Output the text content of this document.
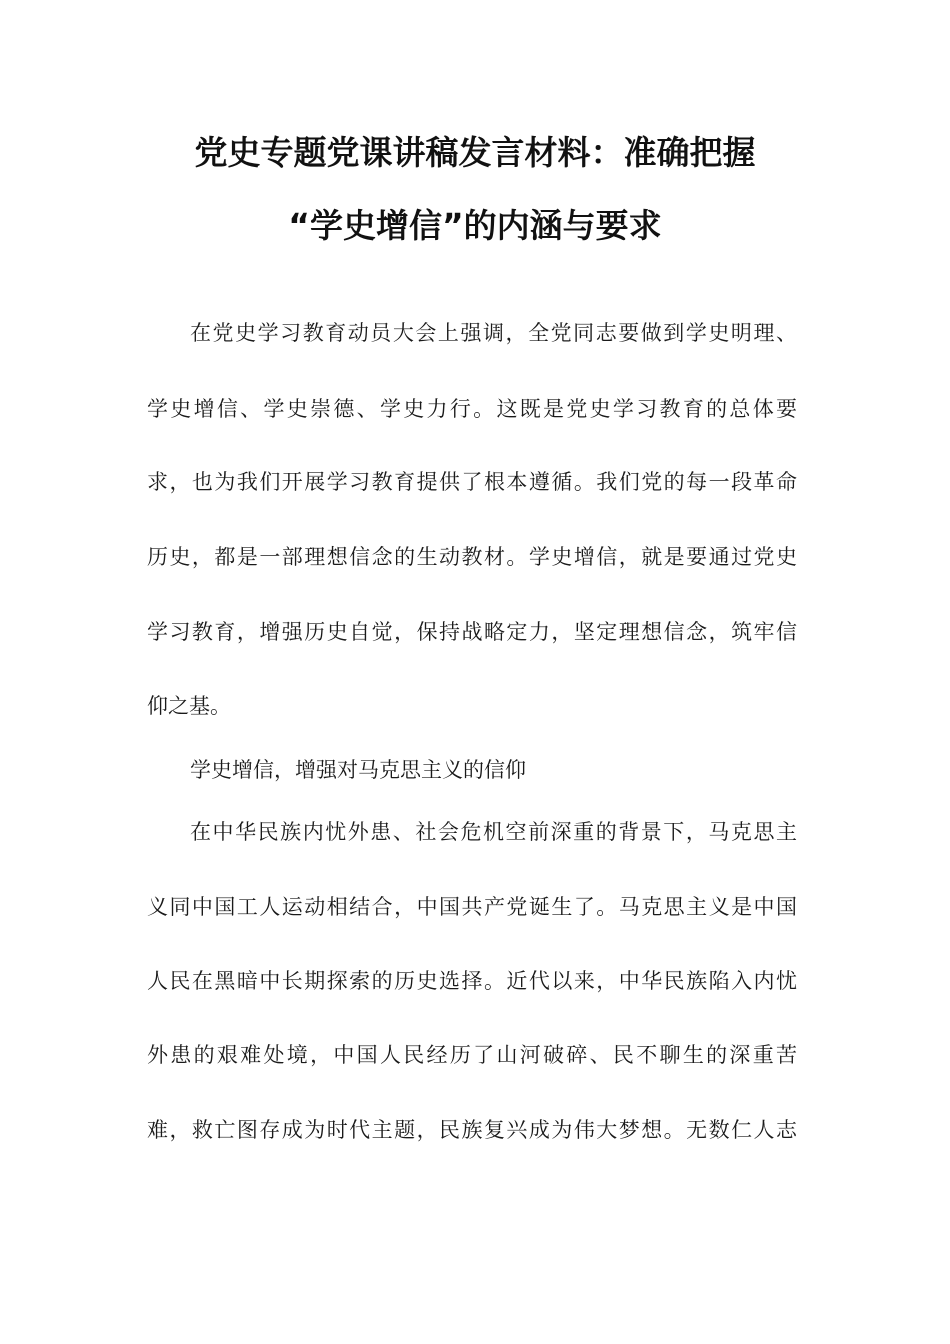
党史专题党课讲稿发言材料：准确把握
“学史增信”的内涵与要求
在党史学习教育动员大会上强调，全党同志要做到学史明理、
学史增信、学史崇德、学史力行。这既是党史学习教育的总体要
求，也为我们开展学习教育提供了根本遵循。我们党的每一段革命
历史，都是一部理想信念的生动教材。学史增信，就是要通过党史
学习教育，增强历史自觉，保持战略定力，坚定理想信念，筑牢信
仰之基。
学史增信，增强对马克思主义的信仰
在中华民族内忧外患、社会危机空前深重的背景下，马克思主
义同中国工人运动相结合，中国共产党诞生了。马克思主义是中国
人民在黑暗中长期探索的历史选择。近代以来，中华民族陷入内忧
外患的艰难处境，中国人民经历了山河破碎、民不聊生的深重苦
难，救亡图存成为时代主题，民族复兴成为伟大梦想。无数仁人志
